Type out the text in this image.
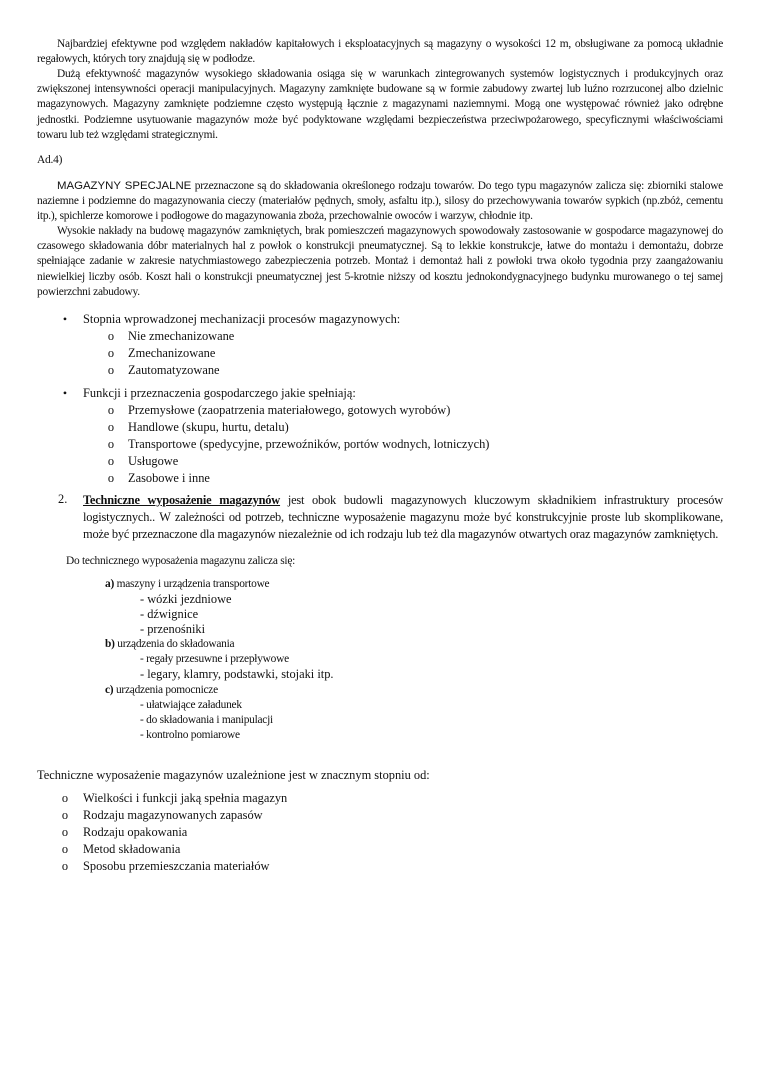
Najbardziej efektywne pod względem nakładów kapitałowych i eksploatacyjnych są magazyny o wysokości 12 m, obsługiwane za pomocą układnie regałowych, których tory znajdują się w podłodze.
Dużą efektywność magazynów wysokiego składowania osiąga się w warunkach zintegrowanych systemów logistycznych i produkcyjnych oraz zwiększonej intensywności operacji manipulacyjnych. Magazyny zamknięte budowane są w formie zabudowy zwartej lub luźno rozrzuconej albo dzielnic magazynowych. Magazyny zamknięte podziemne często występują łącznie z magazynami naziemnymi. Mogą one występować również jako odrębne jednostki. Podziemne usytuowanie magazynów może być podyktowane względami bezpieczeństwa przeciwpożarowego, specyficznymi właściwościami towaru lub też względami strategicznymi.
Ad.4)
MAGAZYNY SPECJALNE przeznaczone są do składowania określonego rodzaju towarów. Do tego typu magazynów zalicza się: zbiorniki stalowe naziemne i podziemne do magazynowania cieczy (materiałów pędnych, smoły, asfaltu itp.), silosy do przechowywania towarów sypkich (np.zbóż, cementu itp.), spichlerze komorowe i podłogowe do magazynowania zboża, przechowalnie owoców i warzyw, chłodnie itp.
Wysokie nakłady na budowę magazynów zamkniętych, brak pomieszczeń magazynowych spowodowały zastosowanie w gospodarce magazynowej do czasowego składowania dóbr materialnych hal z powłok o konstrukcji pneumatycznej. Są to lekkie konstrukcje, łatwe do montażu i demontażu, dobrze spełniające zadanie w zakresie natychmiastowego zabezpieczenia potrzeb. Montaż i demontaż hali z powłoki trwa około tygodnia przy zaangażowaniu niewielkiej liczby osób. Koszt hali o konstrukcji pneumatycznej jest 5-krotnie niższy od kosztu jednokondygnacyjnego budynku murowanego o tej samej powierzchni zabudowy.
•	Stopnia wprowadzonej mechanizacji procesów magazynowych:
o	Nie zmechanizowane
o	Zmechanizowane
o	Zautomatyzowane
•	Funkcji i przeznaczenia gospodarczego jakie spełniają:
o	Przemysłowe (zaopatrzenia materiałowego, gotowych wyrobów)
o	Handlowe (skupu, hurtu, detalu)
o	Transportowe (spedycyjne, przewoźników, portów wodnych, lotniczych)
o	Usługowe
o	Zasobowe i inne
2. Techniczne wyposażenie magazynów jest obok budowli magazynowych kluczowym składnikiem infrastruktury procesów logistycznych.. W zależności od potrzeb, techniczne wyposażenie magazynu może być konstrukcyjnie proste lub skomplikowane, może być przeznaczone dla magazynów niezależnie od ich rodzaju lub też dla magazynów otwartych oraz magazynów zamkniętych.
Do technicznego wyposażenia magazynu zalicza się:
a) maszyny i urządzenia transportowe
- wózki jezdniowe
- dźwignice
- przenośniki
b) urządzenia do składowania
- regały przesuwne i przepływowe
- legary, klamry, podstawki, stojaki itp.
c) urządzenia pomocnicze
- ułatwiające załadunek
- do składowania i manipulacji
- kontrolno pomiarowe
Techniczne wyposażenie magazynów uzależnione jest w znacznym stopniu od:
o	Wielkości i funkcji jaką spełnia magazyn
o	Rodzaju magazynowanych zapasów
o	Rodzaju opakowania
o	Metod składowania
o	Sposobu przemieszczania materiałów
